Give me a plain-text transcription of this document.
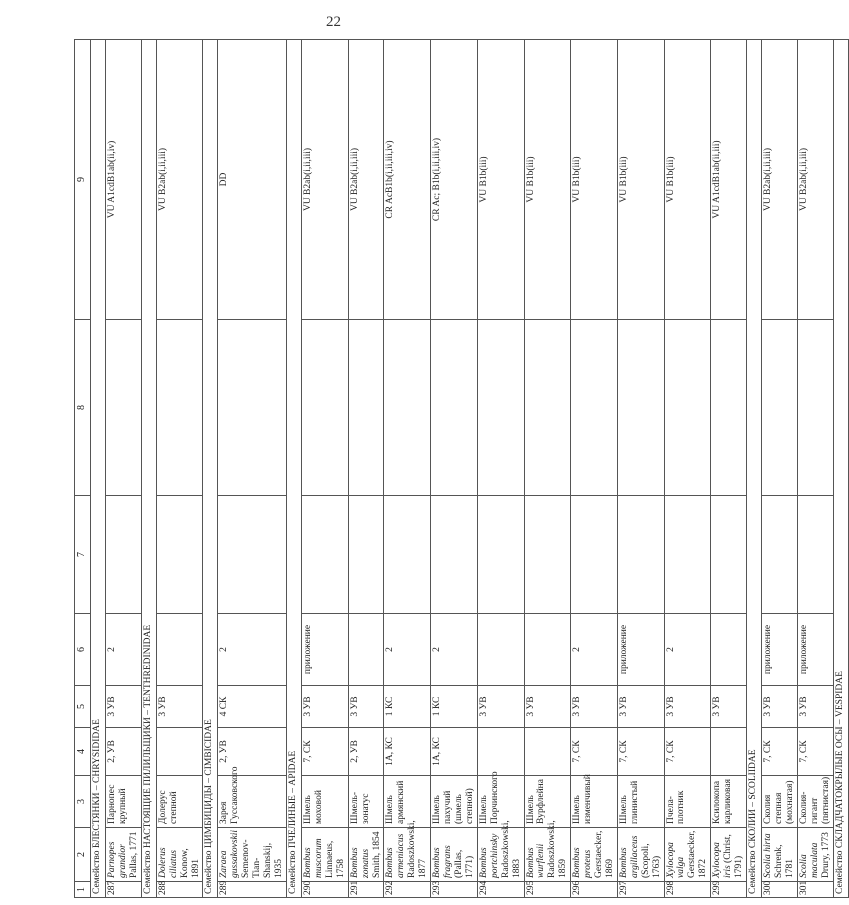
22
1	2	3	4	5	6	7	8	9
Семейство БЛЕСТЯНКИ – CHRYSIDIDAE								
287	Parnopes grandior Pallas, 1771	Парнопес крупный	2, УВ	3 УВ	2			VU A1cdB1ab(ii,iv)
Семейство НАСТОЯЩИЕ ПИЛИЛЬЩИКИ – TENTHREDINIDAE								
288	Dolerus ciliatus Konow, 1891	Долерус степной		3 УВ				VU B2ab(i,ii,iii)
Семейство ЦИМБИЦИДЫ – CIMBICIDAE								
289	Zaraea gussakovskii Semenov-Tian-Shanskij, 1935	Зарея Гуссаковского	2, УВ	4 СК	2			DD
Семейство ПЧЕЛИНЫЕ – APIDAE								
290	Bombus muscorum Linnaeus, 1758	Шмель моховой	7, СК	3 УВ	приложение			VU B2ab(i,ii,iii)
291	Bombus zonatus Smith, 1854	Шмель-зонатус	2, УВ	3 УВ				VU B2ab(i,ii,iii)
292	Bombus armeniacus Radoszkowski, 1877	Шмель армянский	1А, КС	1 КС	2			CR AcB1b(i,ii,iii,iv)
293	Bombus fragrans (Pallas, 1771)	Шмель пахучий (шмель степной)	1А, КС	1 КС	2			CR Ac; B1b(i,ii,iii,iv)
294	Bombus portchinsky Radoszkowski, 1883	Шмель Порчинского		3 УВ				VU B1b(iii)
295	Bombus wurflenii Radoszkowski, 1859	Шмель Вурфлейна		3 УВ				VU B1b(iii)
296	Bombus proteus Gerstaecker, 1869	Шмель изменчивый	7, СК	3 УВ	2			VU B1b(iii)
297	Bombus argillaceus (Scopoli, 1763)	Шмель глинистый	7, СК	3 УВ	приложение			VU B1b(iii)
298	Xylocopa valga Gerstaecker, 1872	Пчела-плотник	7, СК	3 УВ	2			VU B1b(iii)
299	Xylocopa iris (Christ, 1791)	Ксилокопа карликовая		3 УВ				VU A1cdB1ab(ii,iii)
Семейство СКОЛИИ – SCOLIIDAE								
300	Scolia hirta Schrenk, 1781	Сколия степная (мохнатая)	7, СК	3 УВ	приложение			VU B2ab(i,ii,iii)
301	Scolia maculata Drury, 1773	Сколия-гигант (пятнистая)	7, СК	3 УВ	приложение			VU B2ab(i,ii,iii)
Семейство СКЛАДЧАТОКРЫЛЫЕ ОСЫ – VESPIDAE								
